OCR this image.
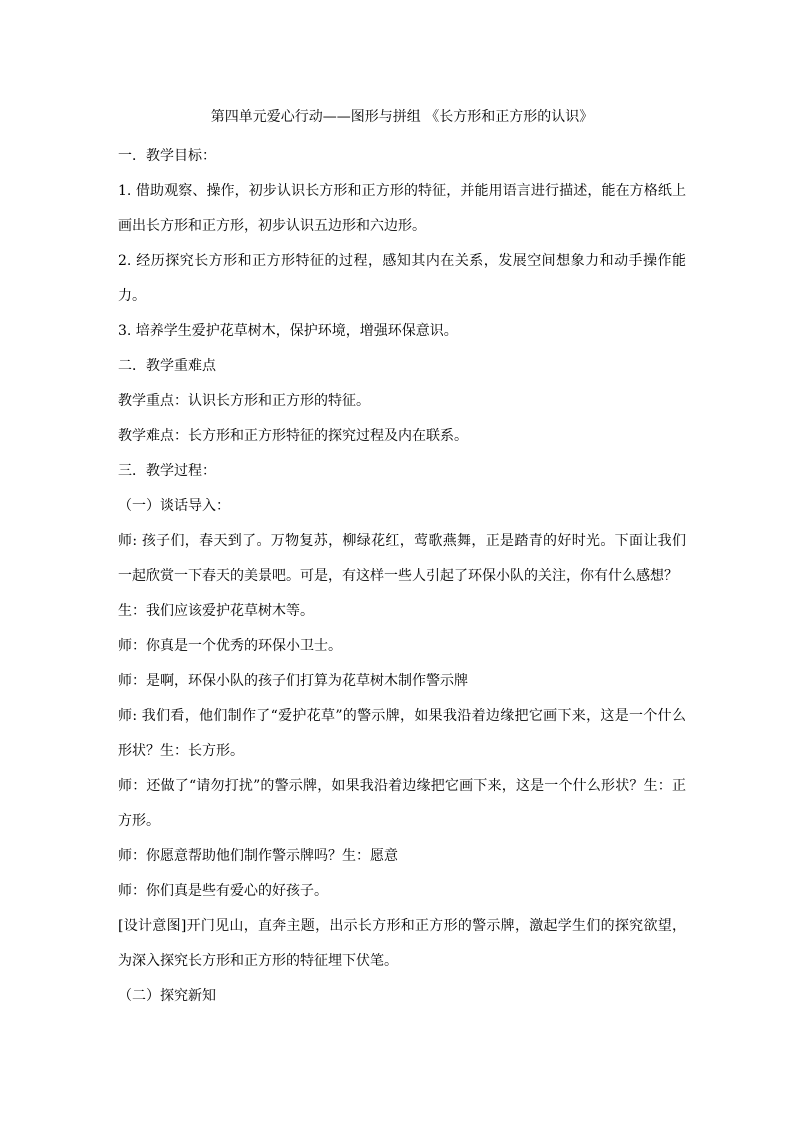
第四单元爱心行动——图形与拼组 《长方形和正方形的认识》

一．教学目标：

1. 借助观察、操作，初步认识长方形和正方形的特征，并能用语言进行描述，能在方格纸上画出长方形和正方形，初步认识五边形和六边形。

2. 经历探究长方形和正方形特征的过程，感知其内在关系，发展空间想象力和动手操作能力。

3. 培养学生爱护花草树木，保护环境，增强环保意识。

二．教学重难点

教学重点：认识长方形和正方形的特征。

教学难点：长方形和正方形特征的探究过程及内在联系。

三．教学过程：

（一）谈话导入：

师: 孩子们，春天到了。万物复苏，柳绿花红，莺歌燕舞，正是踏青的好时光。下面让我们一起欣赏一下春天的美景吧。可是，有这样一些人引起了环保小队的关注，你有什么感想？

生：我们应该爱护花草树木等。

师：你真是一个优秀的环保小卫士。

师：是啊，环保小队的孩子们打算为花草树木制作警示牌

师: 我们看，他们制作了“爱护花草”的警示牌，如果我沿着边缘把它画下来，这是一个什么形状？生：长方形。

师：还做了“请勿打扰”的警示牌，如果我沿着边缘把它画下来，这是一个什么形状？生：正方形。

师：你愿意帮助他们制作警示牌吗？生：愿意

师：你们真是些有爱心的好孩子。

[设计意图]开门见山，直奔主题，出示长方形和正方形的警示牌，激起学生们的探究欲望，为深入探究长方形和正方形的特征埋下伏笔。

（二）探究新知
